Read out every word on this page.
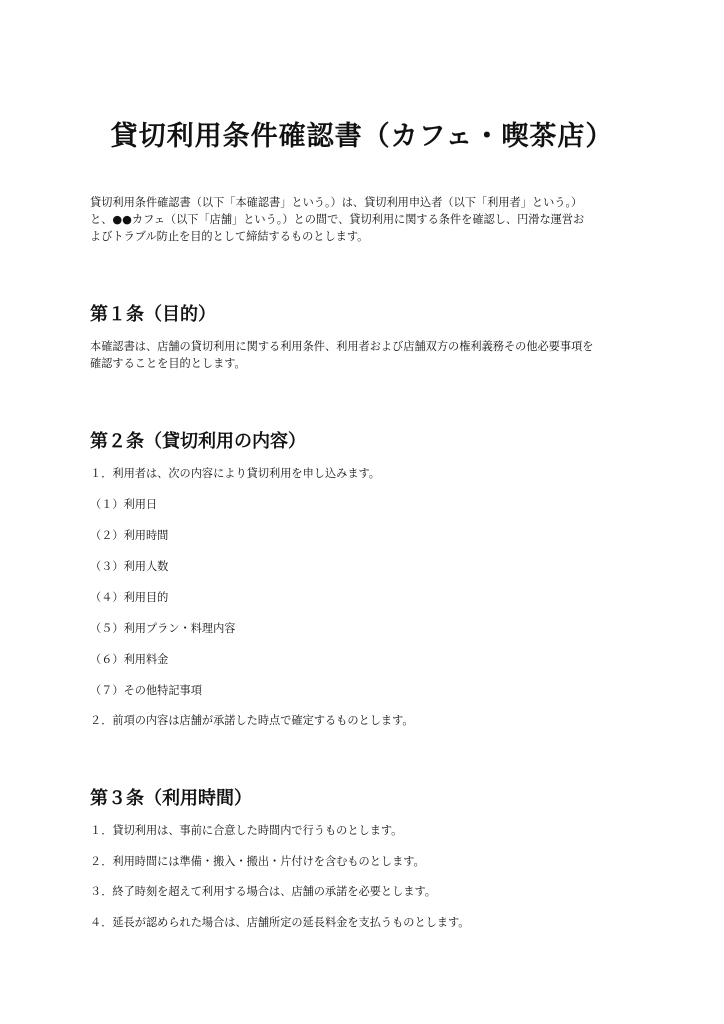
貸切利用条件確認書（カフェ・喫茶店）

貸切利用条件確認書（以下「本確認書」という。）は、貸切利用申込者（以下「利用者」という。）
と、●●カフェ（以下「店舗」という。）との間で、貸切利用に関する条件を確認し、円滑な運営お
よびトラブル防止を目的として締結するものとします。

第１条（目的）

本確認書は、店舗の貸切利用に関する利用条件、利用者および店舗双方の権利義務その他必要事項を
確認することを目的とします。

第２条（貸切利用の内容）

１．利用者は、次の内容により貸切利用を申し込みます。

（１）利用日

（２）利用時間

（３）利用人数

（４）利用目的

（５）利用プラン・料理内容

（６）利用料金

（７）その他特記事項

２．前項の内容は店舗が承諾した時点で確定するものとします。

第３条（利用時間）

１．貸切利用は、事前に合意した時間内で行うものとします。

２．利用時間には準備・搬入・搬出・片付けを含むものとします。

３．終了時刻を超えて利用する場合は、店舗の承諾を必要とします。

４．延長が認められた場合は、店舗所定の延長料金を支払うものとします。
